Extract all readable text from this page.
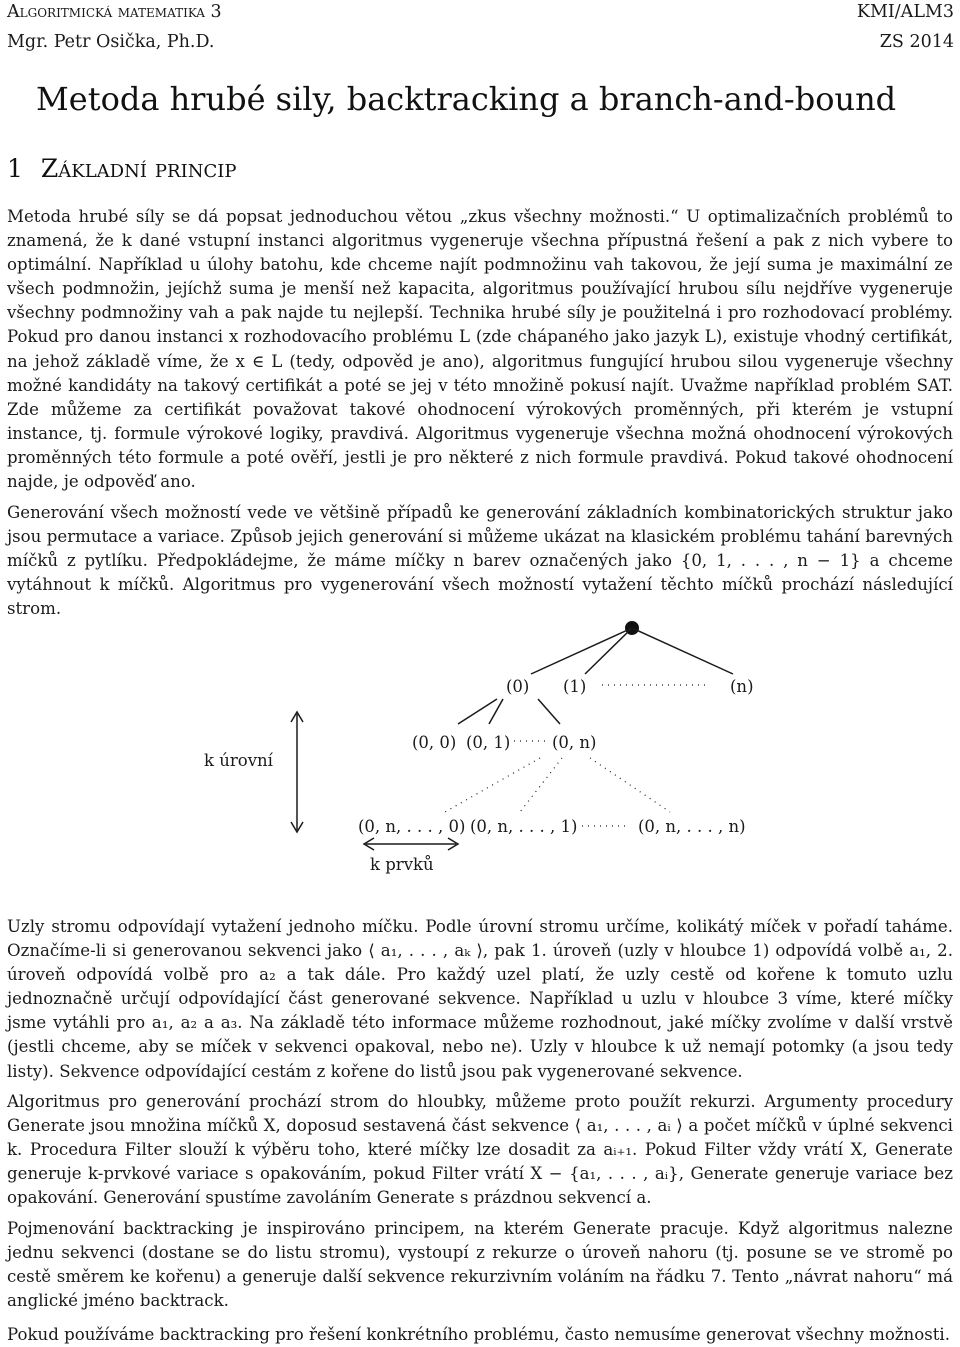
Algoritmická matematika 3	KMI/ALM3
Mgr. Petr Osička, Ph.D.	ZS 2014
Metoda hrubé sily, backtracking a branch-and-bound
1 Základní princip

Metoda hrubé síly se dá popsat jednoduchou větou „zkus všechny možnosti.“ U optimalizačních problémů to znamená, že k dané vstupní instanci algoritmus vygeneruje všechna přípustná řešení a pak z nich vybere to optimální. Například u úlohy batohu, kde chceme najít podmnožinu vah takovou, že její suma je maximální ze všech podmnožin, jejíchž suma je menší než kapacita, algoritmus používající hrubou sílu nejdříve vygeneruje všechny podmnožiny vah a pak najde tu nejlepší. Technika hrubé síly je použitelná i pro rozhodovací problémy. Pokud pro danou instanci x rozhodovacího problému L (zde chápaného jako jazyk L), existuje vhodný certifikát, na jehož základě víme, že x ∈ L (tedy, odpověd je ano), algoritmus fungující hrubou silou vygeneruje všechny možné kandidáty na takový certifikát a poté se jej v této množině pokusí najít. Uvažme například problém SAT. Zde můžeme za certifikát považovat takové ohodnocení výrokových proměnných, při kterém je vstupní instance, tj. formule výrokové logiky, pravdivá. Algoritmus vygeneruje všechna možná ohodnocení výrokových proměnných této formule a poté ověří, jestli je pro některé z nich formule pravdivá. Pokud takové ohodnocení najde, je odpověď ano.

Generování všech možností vede ve většině případů ke generování základních kombinatorických struktur jako jsou permutace a variace. Způsob jejich generování si můžeme ukázat na klasickém problému tahání barevných míčků z pytlíku. Předpokládejme, že máme míčky n barev označených jako {0, 1, . . . , n − 1} a chceme vytáhnout k míčků. Algoritmus pro vygenerování všech možností vytažení těchto míčků prochází následující strom.

(0) (1)	(n)
(0, 0) (0, 1)	(0, n)
(0, n, . . . , 0) (0, n, . . . , 1)	(0, n, . . . , n)
k úrovní
k prvků

Uzly stromu odpovídají vytažení jednoho míčku. Podle úrovní stromu určíme, kolikátý míček v pořadí taháme. Označíme-li si generovanou sekvenci jako ⟨ a₁, . . . , aₖ ⟩, pak 1. úroveň (uzly v hloubce 1) odpovídá volbě a₁, 2. úroveň odpovídá volbě pro a₂ a tak dále. Pro každý uzel platí, že uzly cestě od kořene k tomuto uzlu jednoznačně určují odpovídající část generované sekvence. Například u uzlu v hloubce 3 víme, které míčky jsme vytáhli pro a₁, a₂ a a₃. Na základě této informace můžeme rozhodnout, jaké míčky zvolíme v další vrstvě (jestli chceme, aby se míček v sekvenci opakoval, nebo ne). Uzly v hloubce k už nemají potomky (a jsou tedy listy). Sekvence odpovídající cestám z kořene do listů jsou pak vygenerované sekvence.

Algoritmus pro generování prochází strom do hloubky, můžeme proto použít rekurzi. Argumenty procedury Generate jsou množina míčků X, doposud sestavená část sekvence ⟨ a₁, . . . , aᵢ ⟩ a počet míčků v úplné sekvenci k. Procedura Filter slouží k výběru toho, které míčky lze dosadit za aᵢ₊₁. Pokud Filter vždy vrátí X, Generate generuje k-prvkové variace s opakováním, pokud Filter vrátí X − {a₁, . . . , aᵢ}, Generate generuje variace bez opakování. Generování spustíme zavoláním Generate s prázdnou sekvencí a.

Pojmenování backtracking je inspirováno principem, na kterém Generate pracuje. Když algoritmus nalezne jednu sekvenci (dostane se do listu stromu), vystoupí z rekurze o úroveň nahoru (tj. posune se ve stromě po cestě směrem ke kořenu) a generuje další sekvence rekurzivním voláním na řádku 7. Tento „návrat nahoru“ má anglické jméno backtrack.

Pokud používáme backtracking pro řešení konkrétního problému, často nemusíme generovat všechny možnosti.
